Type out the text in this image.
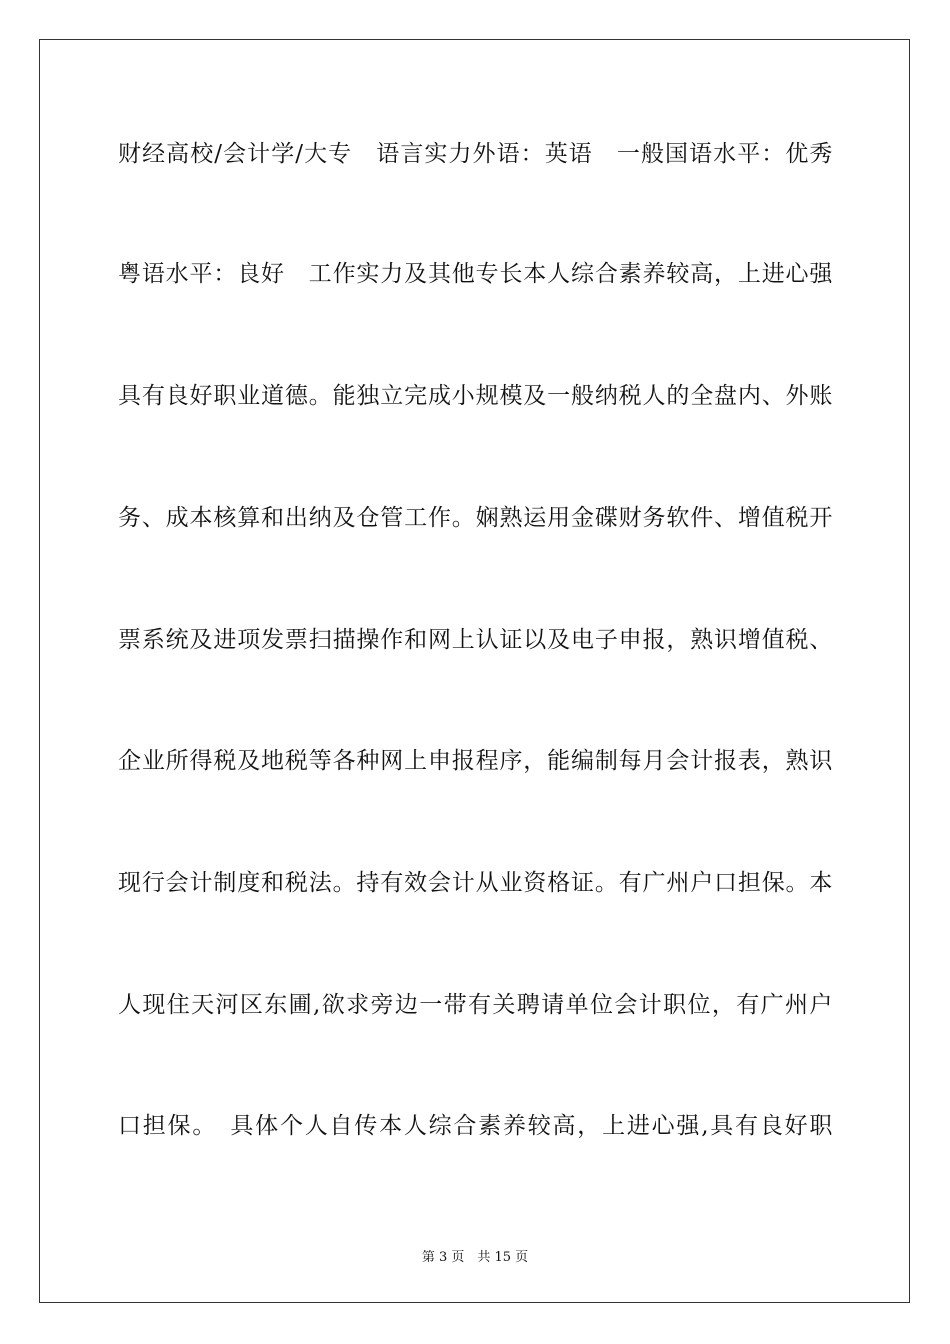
财经高校/会计学/大专　语言实力外语：英语　一般国语水平：优秀
粤语水平：良好　工作实力及其他专长本人综合素养较高，上进心强
具有良好职业道德。能独立完成小规模及一般纳税人的全盘内、外账
务、成本核算和出纳及仓管工作。娴熟运用金碟财务软件、增值税开
票系统及进项发票扫描操作和网上认证以及电子申报，熟识增值税、
企业所得税及地税等各种网上申报程序，能编制每月会计报表，熟识
现行会计制度和税法。持有效会计从业资格证。有广州户口担保。本
人现住天河区东圃,欲求旁边一带有关聘请单位会计职位，有广州户
口担保。　具体个人自传本人综合素养较高，上进心强,具有良好职
第 3 页　 共 15 页
